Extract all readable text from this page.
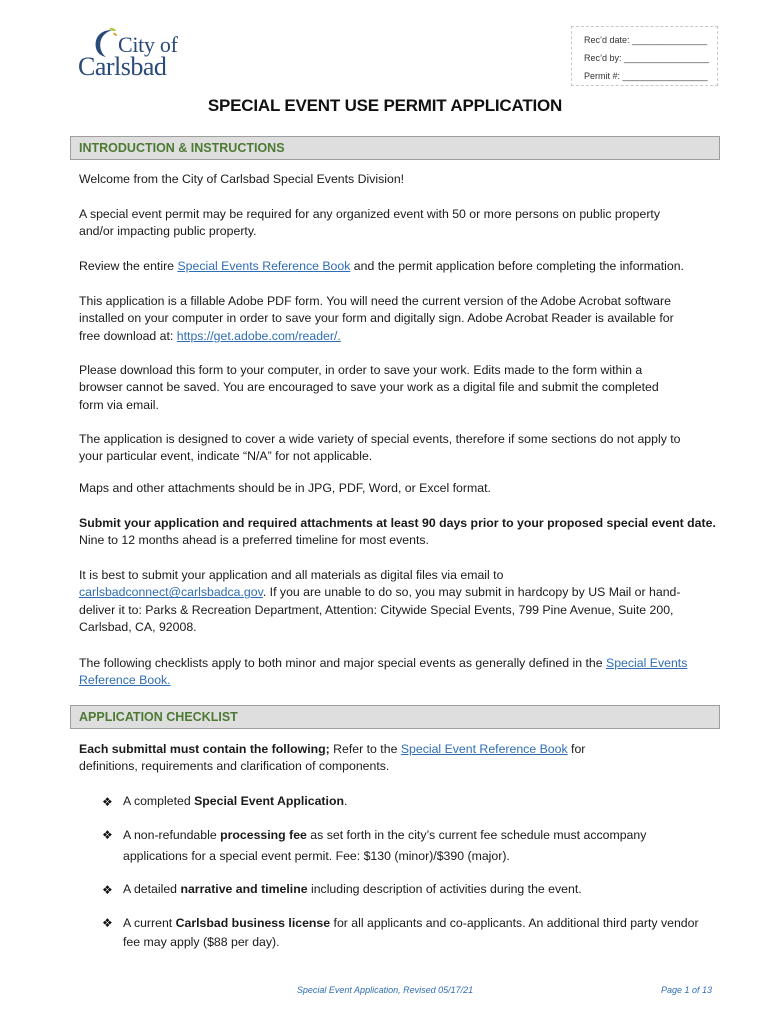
City of
Carlsbad
Rec’d date: _______________
Rec’d by: _________________
Permit #: _________________
SPECIAL EVENT USE PERMIT APPLICATION
INTRODUCTION & INSTRUCTIONS
Welcome from the City of Carlsbad Special Events Division!
A special event permit may be required for any organized event with 50 or more persons on public property
and/or impacting public property.
Review the entire Special Events Reference Book and the permit application before completing the information.
This application is a fillable Adobe PDF form. You will need the current version of the Adobe Acrobat software
installed on your computer in order to save your form and digitally sign. Adobe Acrobat Reader is available for
free download at: https://get.adobe.com/reader/.
Please download this form to your computer, in order to save your work. Edits made to the form within a
browser cannot be saved. You are encouraged to save your work as a digital file and submit the completed
form via email.
The application is designed to cover a wide variety of special events, therefore if some sections do not apply to
your particular event, indicate “N/A” for not applicable.
Maps and other attachments should be in JPG, PDF, Word, or Excel format.
Submit your application and required attachments at least 90 days prior to your proposed special event date.
Nine to 12 months ahead is a preferred timeline for most events.
It is best to submit your application and all materials as digital files via email to
carlsbadconnect@carlsbadca.gov. If you are unable to do so, you may submit in hardcopy by US Mail or hand-
deliver it to: Parks & Recreation Department, Attention: Citywide Special Events, 799 Pine Avenue, Suite 200,
Carlsbad, CA, 92008.
The following checklists apply to both minor and major special events as generally defined in the Special Events
Reference Book.
APPLICATION CHECKLIST
Each submittal must contain the following; Refer to the Special Event Reference Book for
definitions, requirements and clarification of components.
❖ A completed Special Event Application.
❖ A non-refundable processing fee as set forth in the city’s current fee schedule must accompany
applications for a special event permit. Fee: $130 (minor)/$390 (major).
❖ A detailed narrative and timeline including description of activities during the event.
❖ A current Carlsbad business license for all applicants and co-applicants. An additional third party vendor
fee may apply ($88 per day).
Special Event Application, Revised 05/17/21	Page 1 of 13
